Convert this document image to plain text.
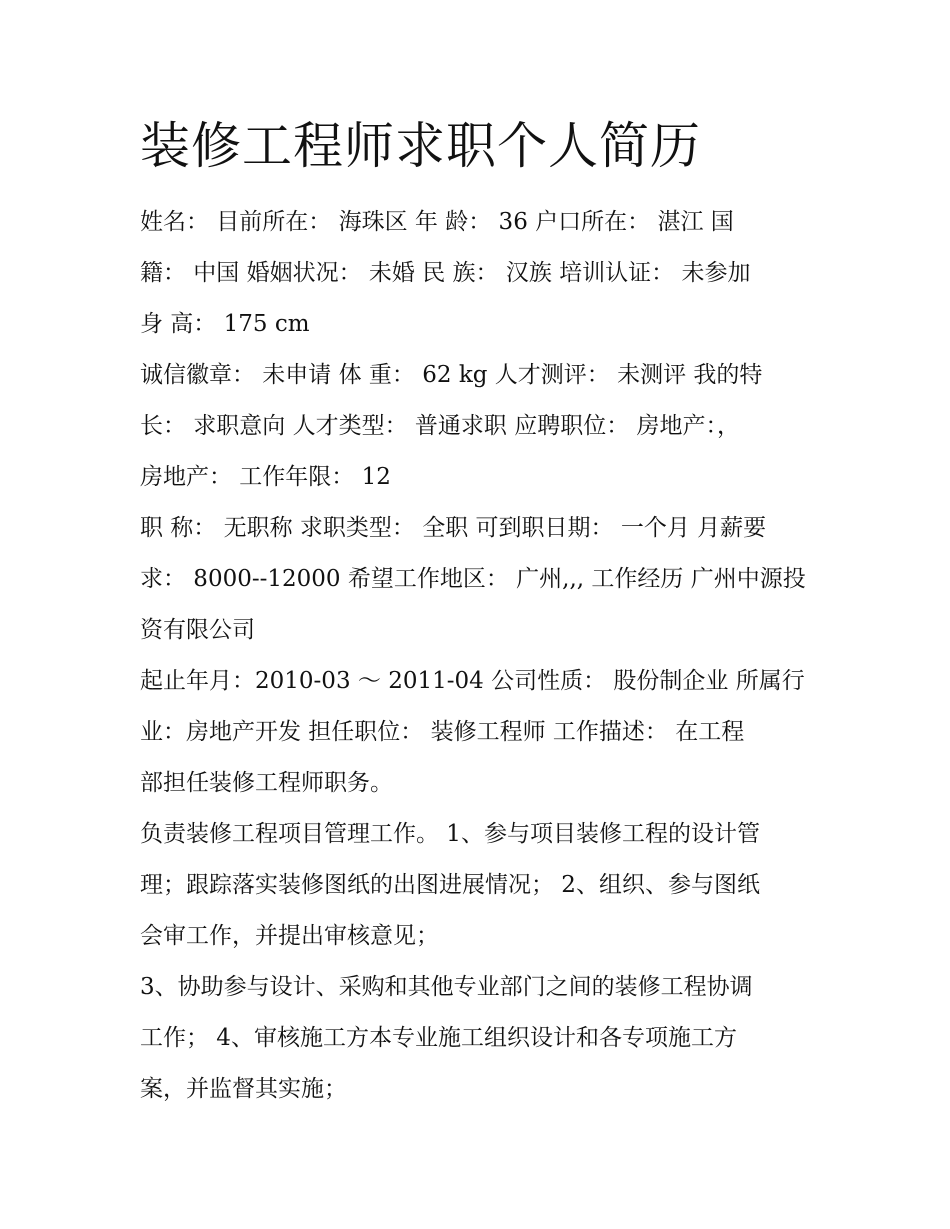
装修工程师求职个人简历
姓名： 目前所在： 海珠区 年 龄： 36 户口所在： 湛江 国
籍： 中国 婚姻状况： 未婚 民 族： 汉族 培训认证： 未参加
身 高： 175 cm
诚信徽章： 未申请 体 重： 62 kg 人才测评： 未测评 我的特
长： 求职意向 人才类型： 普通求职 应聘职位： 房地产：，
房地产： 工作年限： 12
职 称： 无职称 求职类型： 全职 可到职日期： 一个月 月薪要
求： 8000--12000 希望工作地区： 广州,,, 工作经历 广州中源投
资有限公司
起止年月：2010-03 ～ 2011-04 公司性质： 股份制企业 所属行
业：房地产开发 担任职位： 装修工程师 工作描述： 在工程
部担任装修工程师职务。
负责装修工程项目管理工作。 1、参与项目装修工程的设计管
理；跟踪落实装修图纸的出图进展情况； 2、组织、参与图纸
会审工作，并提出审核意见；
3、协助参与设计、采购和其他专业部门之间的装修工程协调
工作； 4、审核施工方本专业施工组织设计和各专项施工方
案，并监督其实施；
